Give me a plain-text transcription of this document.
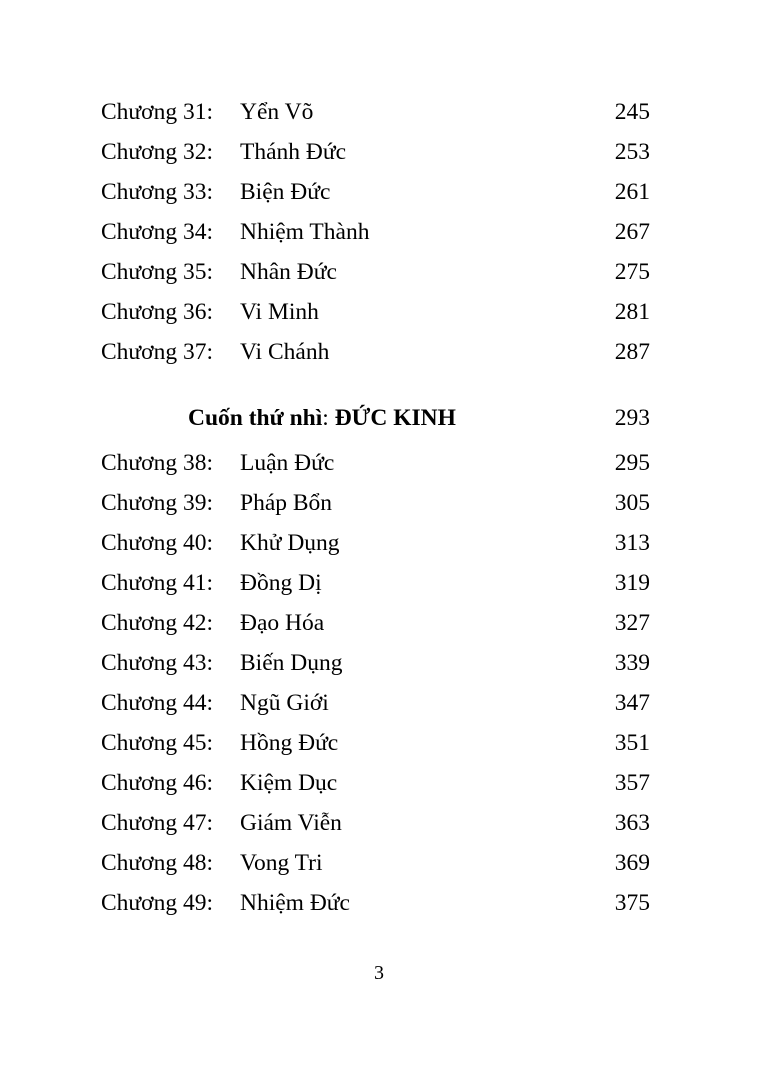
Chương 31: Yển Võ	245
Chương 32: Thánh Đức	253
Chương 33: Biện Đức	261
Chương 34: Nhiệm Thành	267
Chương 35: Nhân Đức	275
Chương 36: Vi Minh	281
Chương 37: Vi Chánh	287
Cuốn thứ nhì: ĐỨC KINH	293
Chương 38: Luận Đức	295
Chương 39: Pháp Bổn	305
Chương 40: Khử Dụng	313
Chương 41: Đồng Dị	319
Chương 42: Đạo Hóa	327
Chương 43: Biến Dụng	339
Chương 44: Ngũ Giới	347
Chương 45: Hồng Đức	351
Chương 46: Kiệm Dục	357
Chương 47: Giám Viễn	363
Chương 48: Vong Tri	369
Chương 49: Nhiệm Đức	375
3
